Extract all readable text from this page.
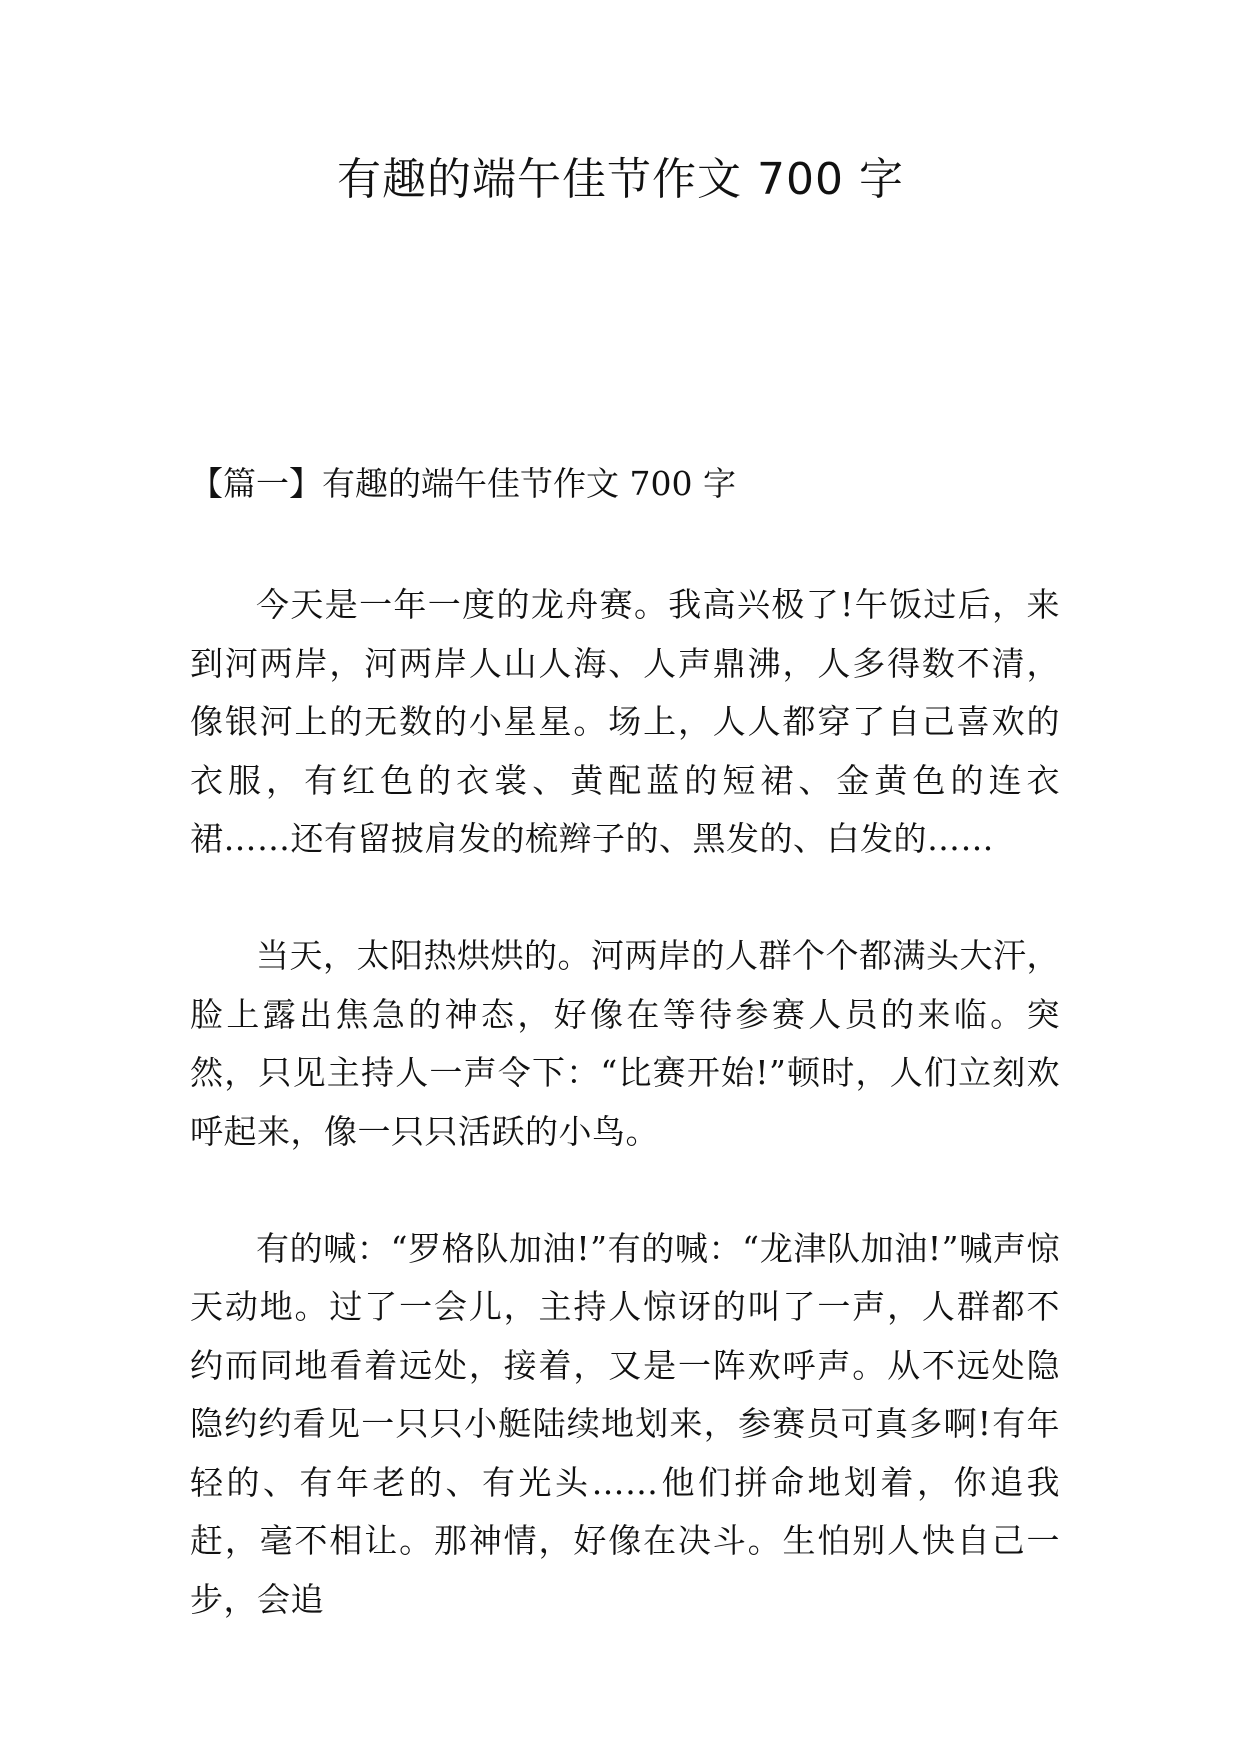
有趣的端午佳节作文 700 字
【篇一】有趣的端午佳节作文 700 字

今天是一年一度的龙舟赛。我高兴极了!午饭过后，来到河两岸，河两岸人山人海、人声鼎沸，人多得数不清，像银河上的无数的小星星。场上，人人都穿了自己喜欢的衣服，有红色的衣裳、黄配蓝的短裙、金黄色的连衣裙……还有留披肩发的梳辫子的、黑发的、白发的……

当天，太阳热烘烘的。河两岸的人群个个都满头大汗，脸上露出焦急的神态，好像在等待参赛人员的来临。突然，只见主持人一声令下：“比赛开始!”顿时，人们立刻欢呼起来，像一只只活跃的小鸟。

有的喊：“罗格队加油!”有的喊：“龙津队加油!”喊声惊天动地。过了一会儿，主持人惊讶的叫了一声，人群都不约而同地看着远处，接着，又是一阵欢呼声。从不远处隐隐约约看见一只只小艇陆续地划来，参赛员可真多啊!有年轻的、有年老的、有光头……他们拼命地划着，你追我赶，毫不相让。那神情，好像在决斗。生怕别人快自己一步，会追
